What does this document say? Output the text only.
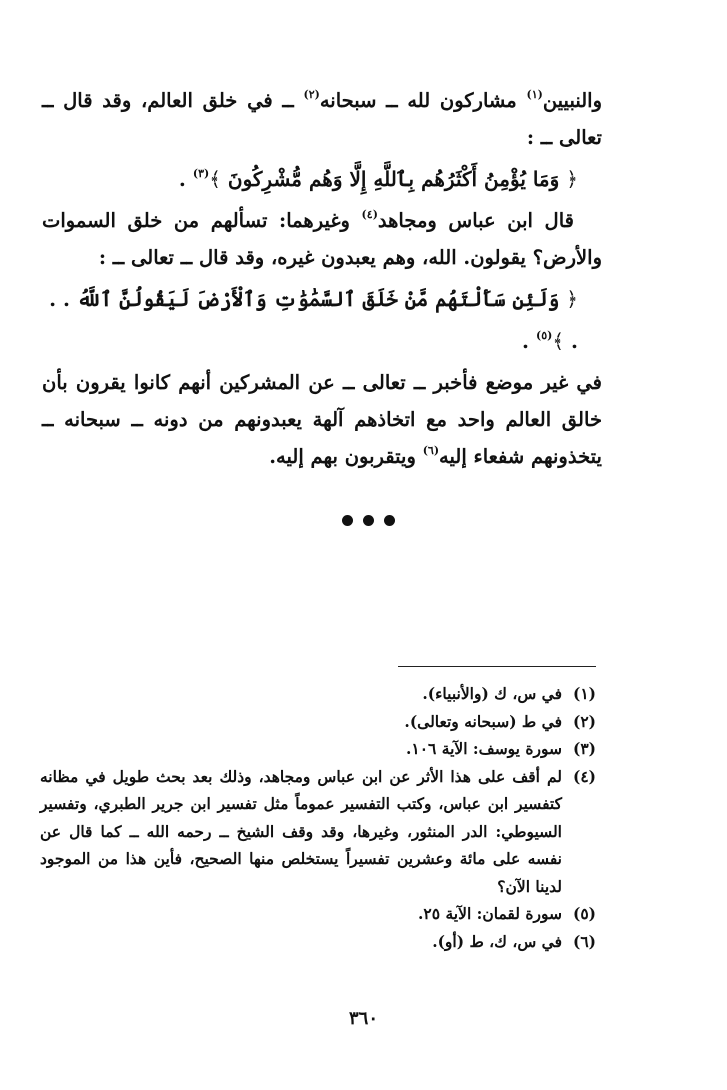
والنبيين$^{(١)}$ مشاركون لله ــ سبحانه$^{(٢)}$ ــ في خلق العالم، وقد قال ــ تعالى ــ :

﴿ وَمَا يُؤْمِنُ أَكْثَرُهُم بِٱللَّهِ إِلَّا وَهُم مُّشْرِكُونَ ﴾$^{(٣)}$ .

قال ابن عباس ومجاهد$^{(٤)}$ وغيرهما: تسألهم من خلق السموات والأرض؟ يقولون. الله، وهم يعبدون غيره، وقد قال ــ تعالى ــ :

﴿ وَلَئِن سَأَلْتَهُم مَّنْ خَلَقَ ٱلسَّمَٰوَٰتِ وَٱلْأَرْضَ لَيَقُولُنَّ ٱللَّهُ . . . ﴾$^{(٥)}$ .

في غير موضع فأخبر ــ تعالى ــ عن المشركين أنهم كانوا يقرون بأن خالق العالم واحد مع اتخاذهم آلهة يعبدونهم من دونه ــ سبحانه ــ يتخذونهم شفعاء إليه$^{(٦)}$ ويتقربون بهم إليه.

(١)
في س، ك (والأنبياء).
(٢)
في ط (سبحانه وتعالى).
(٣)
سورة يوسف: الآية ١٠٦.
(٤)
لم أقف على هذا الأثر عن ابن عباس ومجاهد، وذلك بعد بحث طويل في مظانه كتفسير ابن عباس، وكتب التفسير عموماً مثل تفسير ابن جرير الطبري، وتفسير السيوطي: الدر المنثور، وغيرها، وقد وقف الشيخ ــ رحمه الله ــ كما قال عن نفسه على مائة وعشرين تفسيراً يستخلص منها الصحيح، فأين هذا من الموجود لدينا الآن؟
(٥)
سورة لقمان: الآية ٢٥.
(٦)
في س، ك، ط (أو).
٣٦٠
